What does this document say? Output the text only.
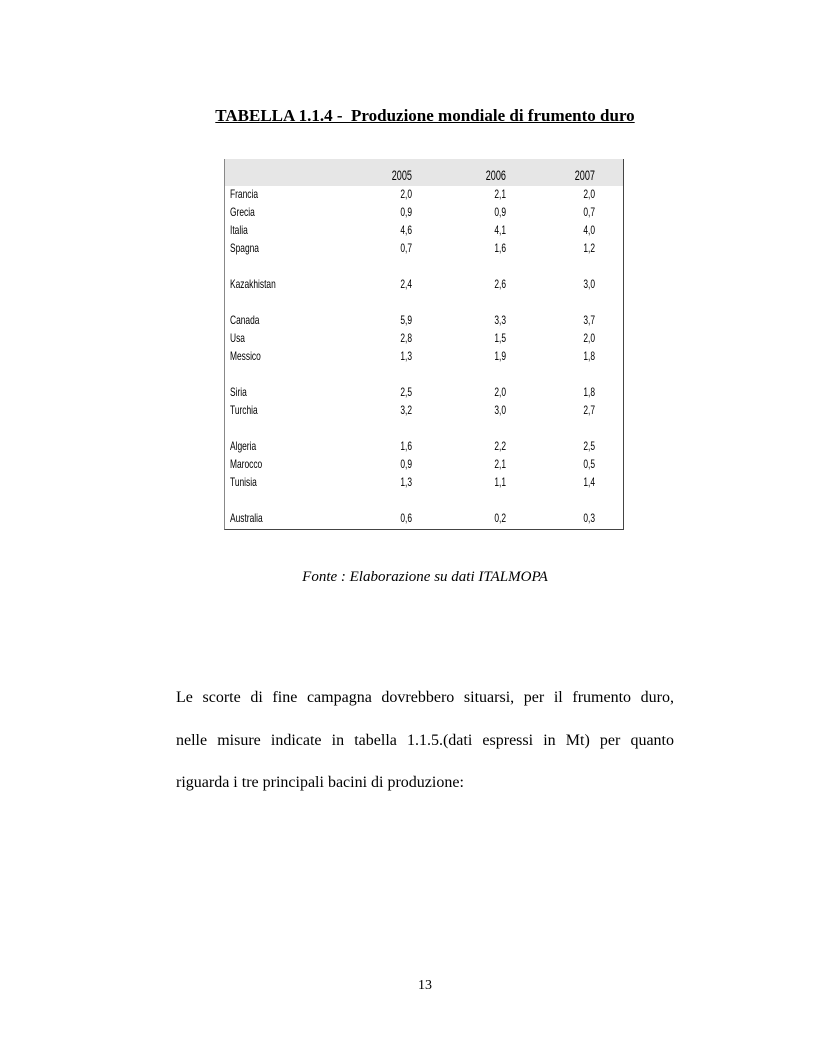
TABELLA 1.1.4 -  Produzione mondiale di frumento duro
2005	2006	2007
Francia	2,0	2,1	2,0
Grecia	0,9	0,9	0,7
Italia	4,6	4,1	4,0
Spagna	0,7	1,6	1,2
Kazakhistan	2,4	2,6	3,0
Canada	5,9	3,3	3,7
Usa	2,8	1,5	2,0
Messico	1,3	1,9	1,8
Siria	2,5	2,0	1,8
Turchia	3,2	3,0	2,7
Algeria	1,6	2,2	2,5
Marocco	0,9	2,1	0,5
Tunisia	1,3	1,1	1,4
Australia	0,6	0,2	0,3
Fonte : Elaborazione su dati ITALMOPA
Le scorte di fine campagna dovrebbero situarsi, per il frumento duro,
nelle misure indicate in tabella 1.1.5.(dati espressi in Mt) per quanto
riguarda i tre principali bacini di produzione:
13
